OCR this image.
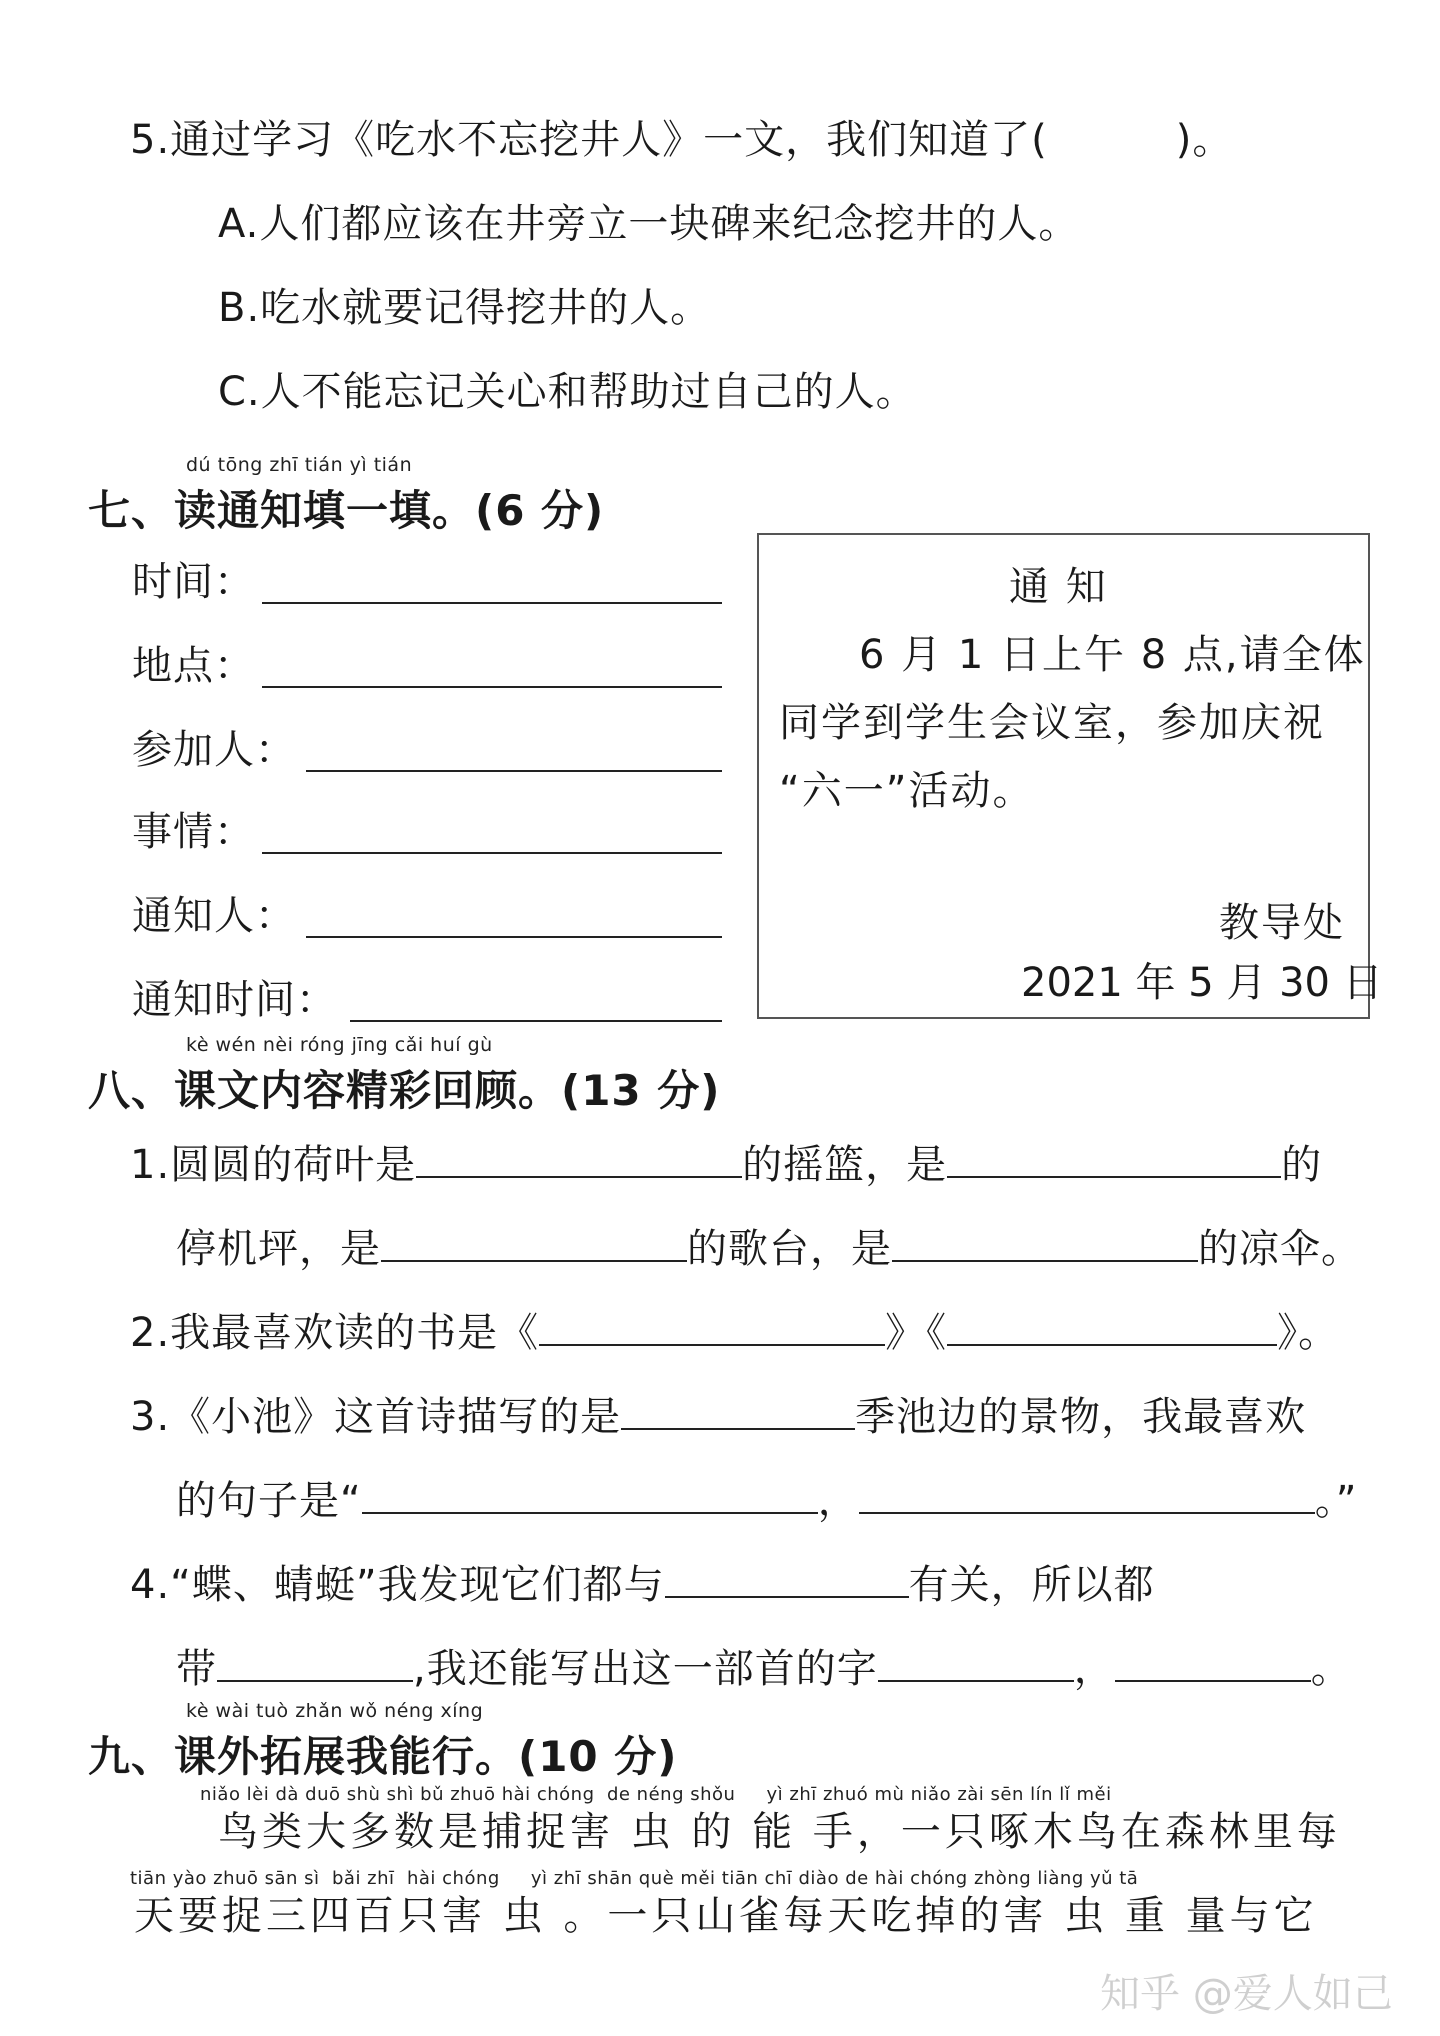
5.通过学习《吃水不忘挖井人》一文，我们知道了(	)。
A.人们都应该在井旁立一块碑来纪念挖井的人。
B.吃水就要记得挖井的人。
C.人不能忘记关心和帮助过自己的人。
dú tōng zhī tián yì tián
七、读通知填一填。(6 分)
时间：
地点：
参加人：
事情：
通知人：
通知时间：
通 知
6 月 1 日上午 8 点,请全体
同学到学生会议室，参加庆祝
“六一”活动。
教导处
2021 年 5 月 30 日
kè wén nèi róng jīng cǎi huí gù
八、课文内容精彩回顾。(13 分)
1.圆圆的荷叶是	的摇篮，是	的
停机坪，是	的歌台，是	的凉伞。
2.我最喜欢读的书是《	》《	》。
3.《小池》这首诗描写的是	季池边的景物，我最喜欢
的句子是“	，	。”
4.“蝶、蜻蜓”我发现它们都与	有关，所以都
带	,我还能写出这一部首的字	，	。
kè wài tuò zhǎn wǒ néng xíng
九、课外拓展我能行。(10 分)
niǎo lèi dà duō shù shì bǔ zhuō hài chóng  de néng shǒu     yì zhī zhuó mù niǎo zài sēn lín lǐ měi
鸟类大多数是捕捉害 虫 的 能 手，一只啄木鸟在森林里每
tiān yào zhuō sān sì  bǎi zhī  hài chóng     yì zhī shān què měi tiān chī diào de hài chóng zhòng liàng yǔ tā
天要捉三四百只害 虫 。一只山雀每天吃掉的害 虫 重 量与它
知乎 @爱人如己
